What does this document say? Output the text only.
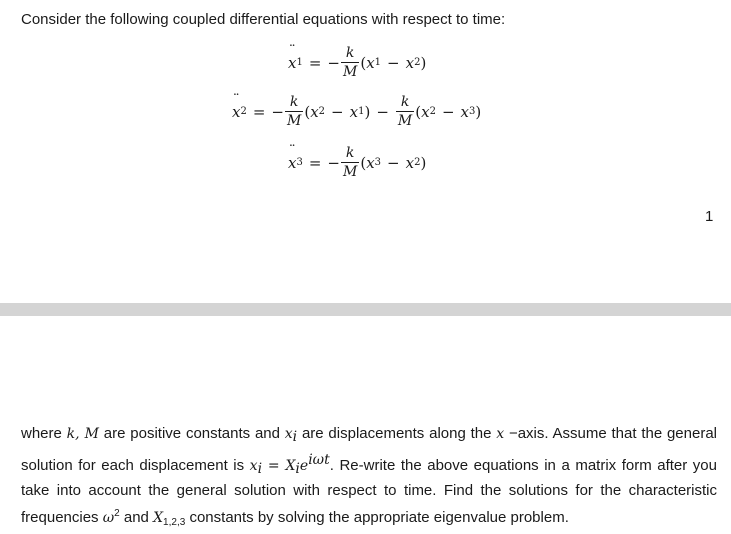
Consider the following coupled differential equations with respect to time:
¨ x 1 = − $\frac{k}{M}$ ( x 1 − x 2 )
¨ x 2 = − $\frac{k}{M}$ ( x 2 − x 1 ) − $\frac{k}{M}$ ( x 2 − x 3 )
¨ x 3 = − $\frac{k}{M}$ ( x 3 − x 2 )
1
where k, M are positive constants and $x_i$ are displacements along the x −axis. Assume that the general solution for each displacement is $x_i = X_ie^{i\omega t}$. Re-write the above equations in a matrix form after you take into account the general solution with respect to time. Find the solutions for the characteristic frequencies $\omega^2$ and $X_{1,2,3}$ constants by solving the appropriate eigenvalue problem.
